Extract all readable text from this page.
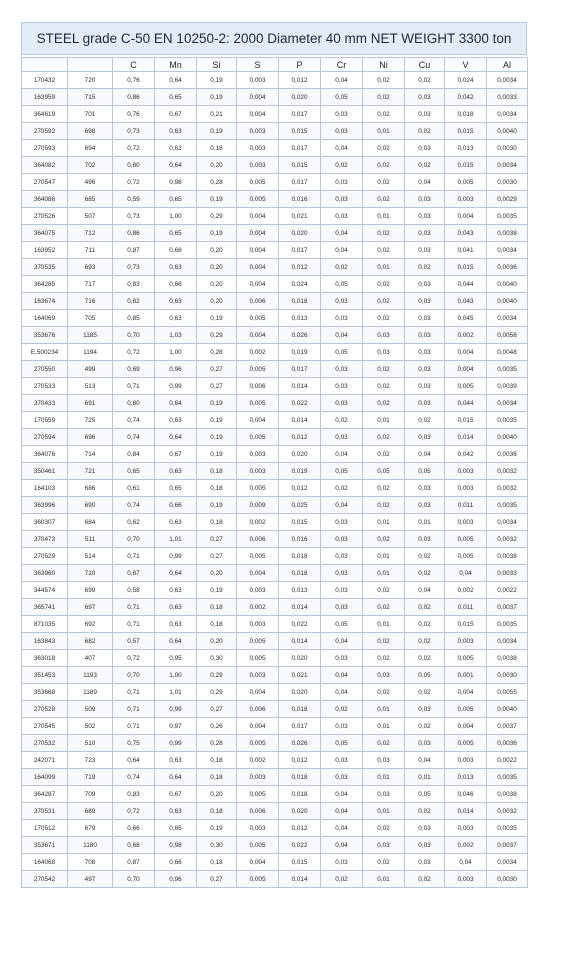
STEEL grade C-50 EN 10250-2: 2000 Diameter 40 mm NET WEIGHT 3300 ton
		C	Mn	Si	S	P	Cr	Ni	Cu	V	Al
170432	720	0,76	0,64	0,19	0,003	0,012	0,04	0,02	0,02	0,024	0,0034
163959	715	0,86	0,65	0,19	0,004	0,020	0,05	0,02	0,03	0,042	0,0033
364619	701	0,76	0,67	0,21	0,004	0,017	0,03	0,02	0,03	0,018	0,0034
270592	698	0,73	0,63	0,19	0,003	0,015	0,03	0,01	0,02	0,015	0,0040
270593	694	0,72	0,62	0,18	0,003	0,017	0,04	0,02	0,03	0,013	0,0030
364082	702	0,80	0,64	0,20	0,003	0,015	0,02	0,02	0,02	0,015	0,0034
270547	496	0,72	0,98	0,28	0,005	0,017	0,03	0,02	0,04	0,005	0,0030
364086	685	0,59	0,65	0,19	0,005	0,016	0,03	0,02	0,03	0,003	0,0029
270526	507	0,73	1,00	0,29	0,004	0,021	0,03	0,01	0,03	0,004	0,0035
364075	712	0,86	0,65	0,19	0,004	0,020	0,04	0,02	0,03	0,043	0,0038
163952	711	0,87	0,68	0,20	0,004	0,017	0,04	0,02	0,03	0,041	0,0034
370535	693	0,73	0,63	0,20	0,004	0,012	0,02	0,01	0,02	0,015	0,0036
364285	717	0,83	0,66	0,20	0,004	0,024	0,05	0,02	0,03	0,044	0,0040
163674	716	0,82	0,63	0,20	0,006	0,018	0,03	0,02	0,03	0,043	0,0040
164069	705	0,85	0,63	0,19	0,005	0,013	0,03	0,02	0,03	0,045	0,0034
353676	1185	0,70	1,03	0,29	0,004	0,026	0,04	0,03	0,03	0,002	0,0056
E.500234	1194	0,72	1,00	0,28	0,002	0,019	0,05	0,03	0,03	0,004	0,0048
270550	499	0,69	0,96	0,27	0,005	0,017	0,03	0,02	0,03	0,004	0,0035
270533	513	0,71	0,99	0,27	0,006	0,014	0,03	0,02	0,03	0,005	0,0039
370433	691	0,80	0,64	0,19	0,005	0,022	0,03	0,02	0,03	0,044	0,0034
170559	725	0,74	0,63	0,19	0,004	0,014	0,02	0,01	0,02	0,015	0,0035
270594	696	0,74	0,64	0,19	0,005	0,012	0,03	0,02	0,03	0,014	0,0040
364076	714	0,84	0,67	0,19	0,003	0,020	0,04	0,02	0,04	0,042	0,0036
350461	721	0,65	0,63	0,18	0,003	0,019	0,05	0,05	0,05	0,003	0,0032
164103	686	0,61	0,65	0,18	0,005	0,012	0,02	0,02	0,03	0,003	0,0032
363996	690	0,74	0,66	0,19	0,009	0,025	0,04	0,02	0,03	0,011	0,0035
360307	684	0,62	0,63	0,18	0,002	0,015	0,03	0,01	0,01	0,003	0,0034
370473	511	0,70	1,01	0,27	0,006	0,016	0,03	0,02	0,03	0,005	0,0032
270529	514	0,71	0,99	0,27	0,005	0,018	0,03	0,01	0,02	0,005	0,0038
363960	710	0,87	0,64	0,20	0,004	0,018	0,03	0,01	0,02	0,04	0,0033
344574	699	0,58	0,63	0,19	0,003	0,013	0,03	0,02	0,04	0,002	0,0022
365741	697	0,71	0,63	0,18	0,002	0,014	0,03	0,02	0,02	0,011	0,0037
871035	692	0,71	0,63	0,18	0,003	0,022	0,05	0,01	0,02	0,015	0,0035
163843	682	0,57	0,64	0,20	0,005	0,014	0,04	0,02	0,02	0,003	0,0034
363018	407	0,72	0,95	0,30	0,005	0,020	0,03	0,02	0,02	0,005	0,0038
351453	1193	0,70	1,00	0,29	0,003	0,021	0,04	0,03	0,05	0,001	0,0030
353668	1189	0,71	1,01	0,29	0,004	0,020	0,04	0,02	0,02	0,004	0,0055
270528	509	0,71	0,99	0,27	0,006	0,018	0,02	0,01	0,03	0,005	0,0040
270545	502	0,71	0,97	0,26	0,004	0,017	0,03	0,01	0,02	0,004	0,0037
270532	510	0,75	0,99	0,28	0,005	0,026	0,05	0,02	0,03	0,005	0,0036
242071	723	0,64	0,63	0,18	0,002	0,012	0,03	0,03	0,04	0,003	0,0022
164099	719	0,74	0,64	0,18	0,003	0,018	0,03	0,01	0,01	0,013	0,0035
364287	709	0,83	0,67	0,20	0,005	0,018	0,04	0,03	0,05	0,046	0,0038
370531	689	0,72	0,63	0,18	0,006	0,020	0,04	0,01	0,02	0,014	0,0032
170512	679	0,66	0,65	0,19	0,003	0,012	0,04	0,02	0,03	0,003	0,0035
353671	1180	0,68	0,98	0,30	0,005	0,022	0,04	0,03	0,03	0,002	0,0037
164068	708	0,87	0,66	0,18	0,004	0,015	0,03	0,02	0,03	0,04	0,0034
270542	497	0,70	0,96	0,27	0,005	0,014	0,02	0,01	0,02	0,003	0,0030
